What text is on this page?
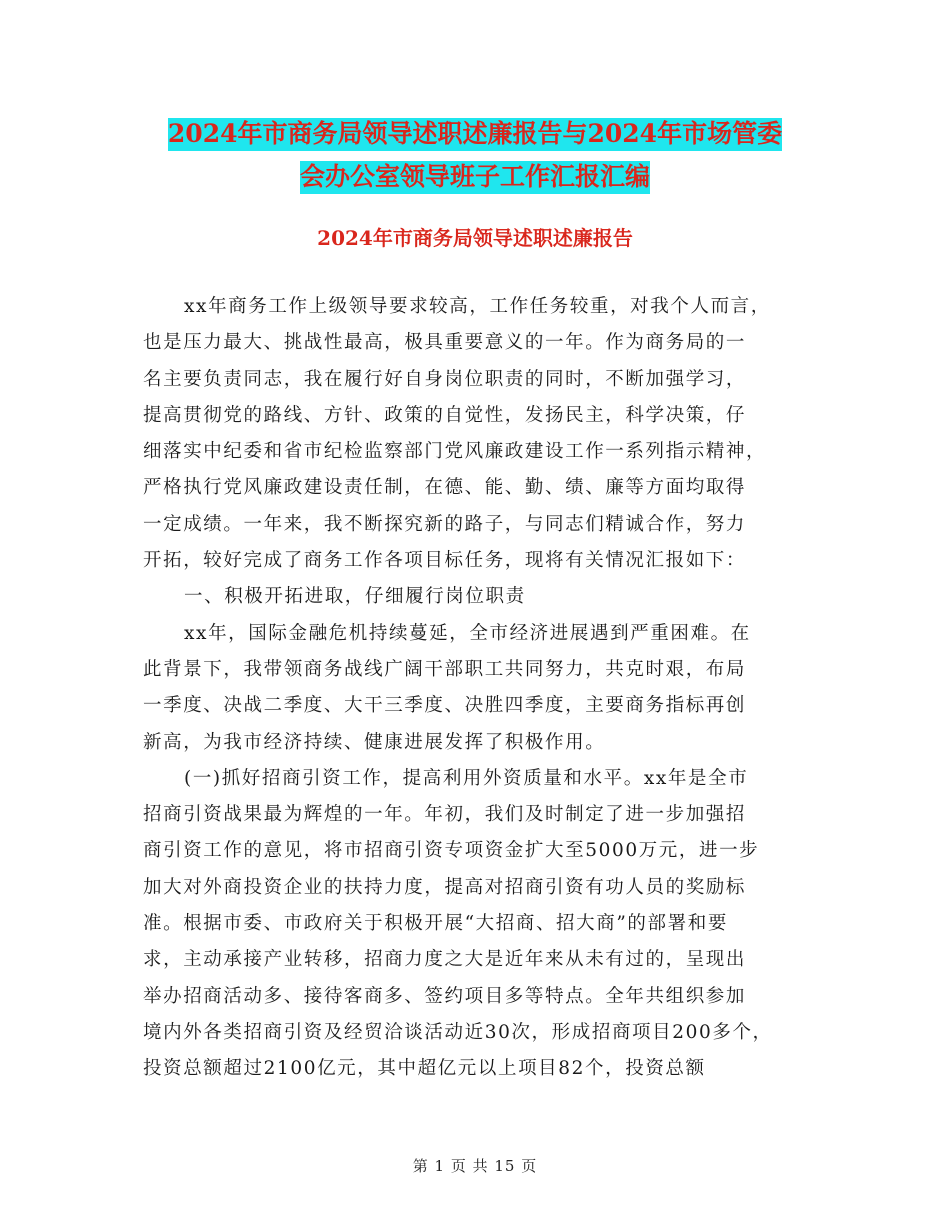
2024年市商务局领导述职述廉报告与2024年市场管委
会办公室领导班子工作汇报汇编
2024年市商务局领导述职述廉报告
xx年商务工作上级领导要求较高，工作任务较重，对我个人而言，
也是压力最大、挑战性最高，极具重要意义的一年。作为商务局的一
名主要负责同志，我在履行好自身岗位职责的同时，不断加强学习，
提高贯彻党的路线、方针、政策的自觉性，发扬民主，科学决策，仔
细落实中纪委和省市纪检监察部门党风廉政建设工作一系列指示精神，
严格执行党风廉政建设责任制，在德、能、勤、绩、廉等方面均取得
一定成绩。一年来，我不断探究新的路子，与同志们精诚合作，努力
开拓，较好完成了商务工作各项目标任务，现将有关情况汇报如下：
一、积极开拓进取，仔细履行岗位职责
xx年，国际金融危机持续蔓延，全市经济进展遇到严重困难。在
此背景下，我带领商务战线广阔干部职工共同努力，共克时艰，布局
一季度、决战二季度、大干三季度、决胜四季度，主要商务指标再创
新高，为我市经济持续、健康进展发挥了积极作用。
(一)抓好招商引资工作，提高利用外资质量和水平。xx年是全市
招商引资战果最为辉煌的一年。年初，我们及时制定了进一步加强招
商引资工作的意见，将市招商引资专项资金扩大至5000万元，进一步
加大对外商投资企业的扶持力度，提高对招商引资有功人员的奖励标
准。根据市委、市政府关于积极开展“大招商、招大商”的部署和要
求，主动承接产业转移，招商力度之大是近年来从未有过的，呈现出
举办招商活动多、接待客商多、签约项目多等特点。全年共组织参加
境内外各类招商引资及经贸洽谈活动近30次，形成招商项目200多个，
投资总额超过2100亿元，其中超亿元以上项目82个，投资总额
第 1 页 共 15 页
